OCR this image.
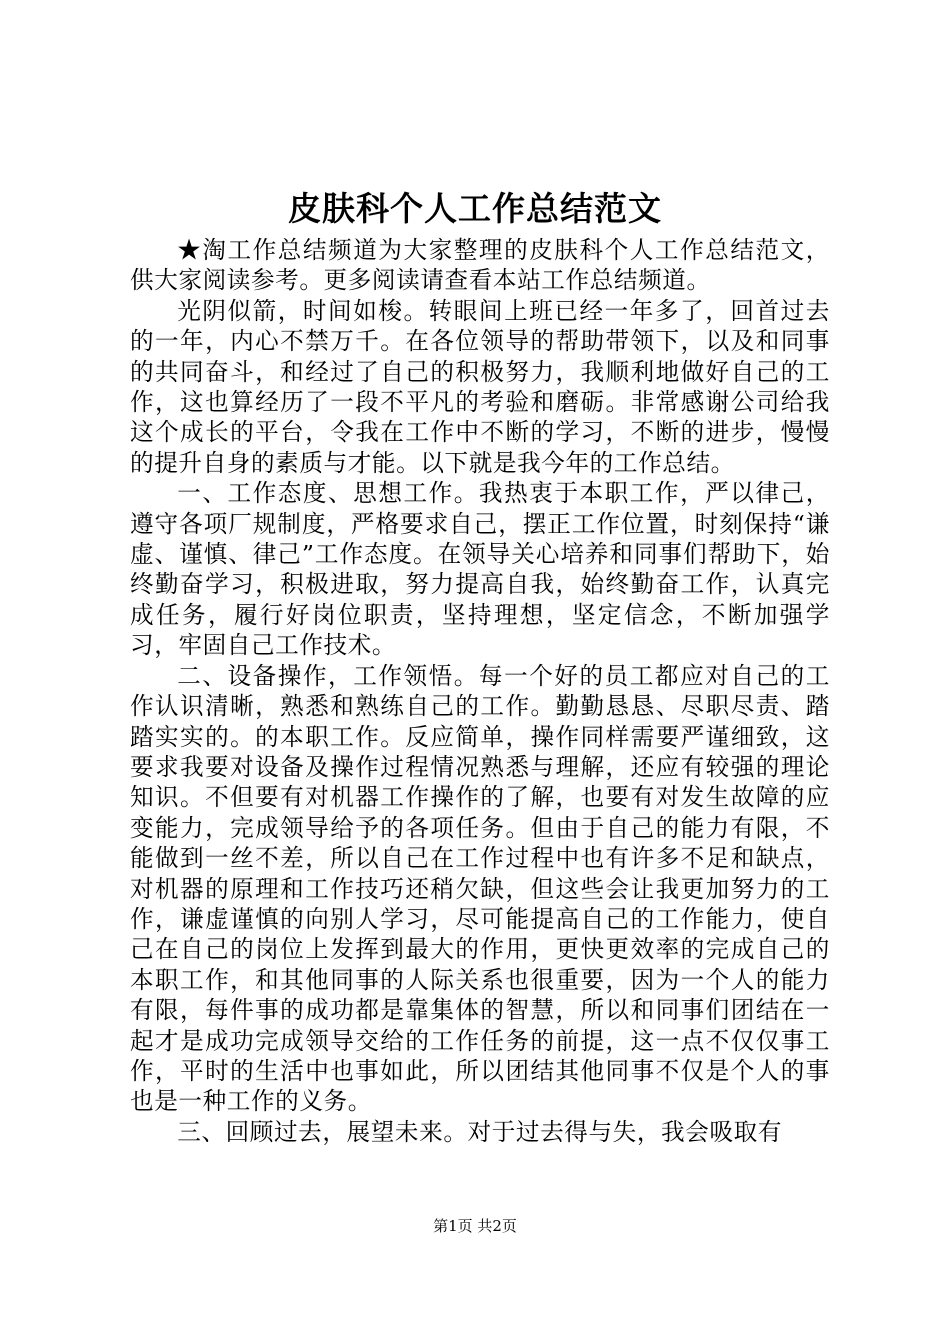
皮肤科个人工作总结范文

★淘工作总结频道为大家整理的皮肤科个人工作总结范文，供大家阅读参考。更多阅读请查看本站工作总结频道。

光阴似箭，时间如梭。转眼间上班已经一年多了，回首过去的一年，内心不禁万千。在各位领导的帮助带领下，以及和同事的共同奋斗，和经过了自己的积极努力，我顺利地做好自己的工作，这也算经历了一段不平凡的考验和磨砺。非常感谢公司给我这个成长的平台，令我在工作中不断的学习，不断的进步，慢慢的提升自身的素质与才能。以下就是我今年的工作总结。

一、工作态度、思想工作。我热衷于本职工作，严以律己，遵守各项厂规制度，严格要求自己，摆正工作位置，时刻保持“谦虚、谨慎、律己”工作态度。在领导关心培养和同事们帮助下，始终勤奋学习，积极进取，努力提高自我，始终勤奋工作，认真完成任务，履行好岗位职责，坚持理想，坚定信念，不断加强学习，牢固自己工作技术。

二、设备操作，工作领悟。每一个好的员工都应对自己的工作认识清晰，熟悉和熟练自己的工作。勤勤恳恳、尽职尽责、踏踏实实的。的本职工作。反应简单，操作同样需要严谨细致，这要求我要对设备及操作过程情况熟悉与理解，还应有较强的理论知识。不但要有对机器工作操作的了解，也要有对发生故障的应变能力，完成领导给予的各项任务。但由于自己的能力有限，不能做到一丝不差，所以自己在工作过程中也有许多不足和缺点，对机器的原理和工作技巧还稍欠缺，但这些会让我更加努力的工作，谦虚谨慎的向别人学习，尽可能提高自己的工作能力，使自己在自己的岗位上发挥到最大的作用，更快更效率的完成自己的本职工作，和其他同事的人际关系也很重要，因为一个人的能力有限，每件事的成功都是靠集体的智慧，所以和同事们团结在一起才是成功完成领导交给的工作任务的前提，这一点不仅仅事工作，平时的生活中也事如此，所以团结其他同事不仅是个人的事也是一种工作的义务。

三、回顾过去，展望未来。对于过去得与失，我会吸取有

第1页 共2页
